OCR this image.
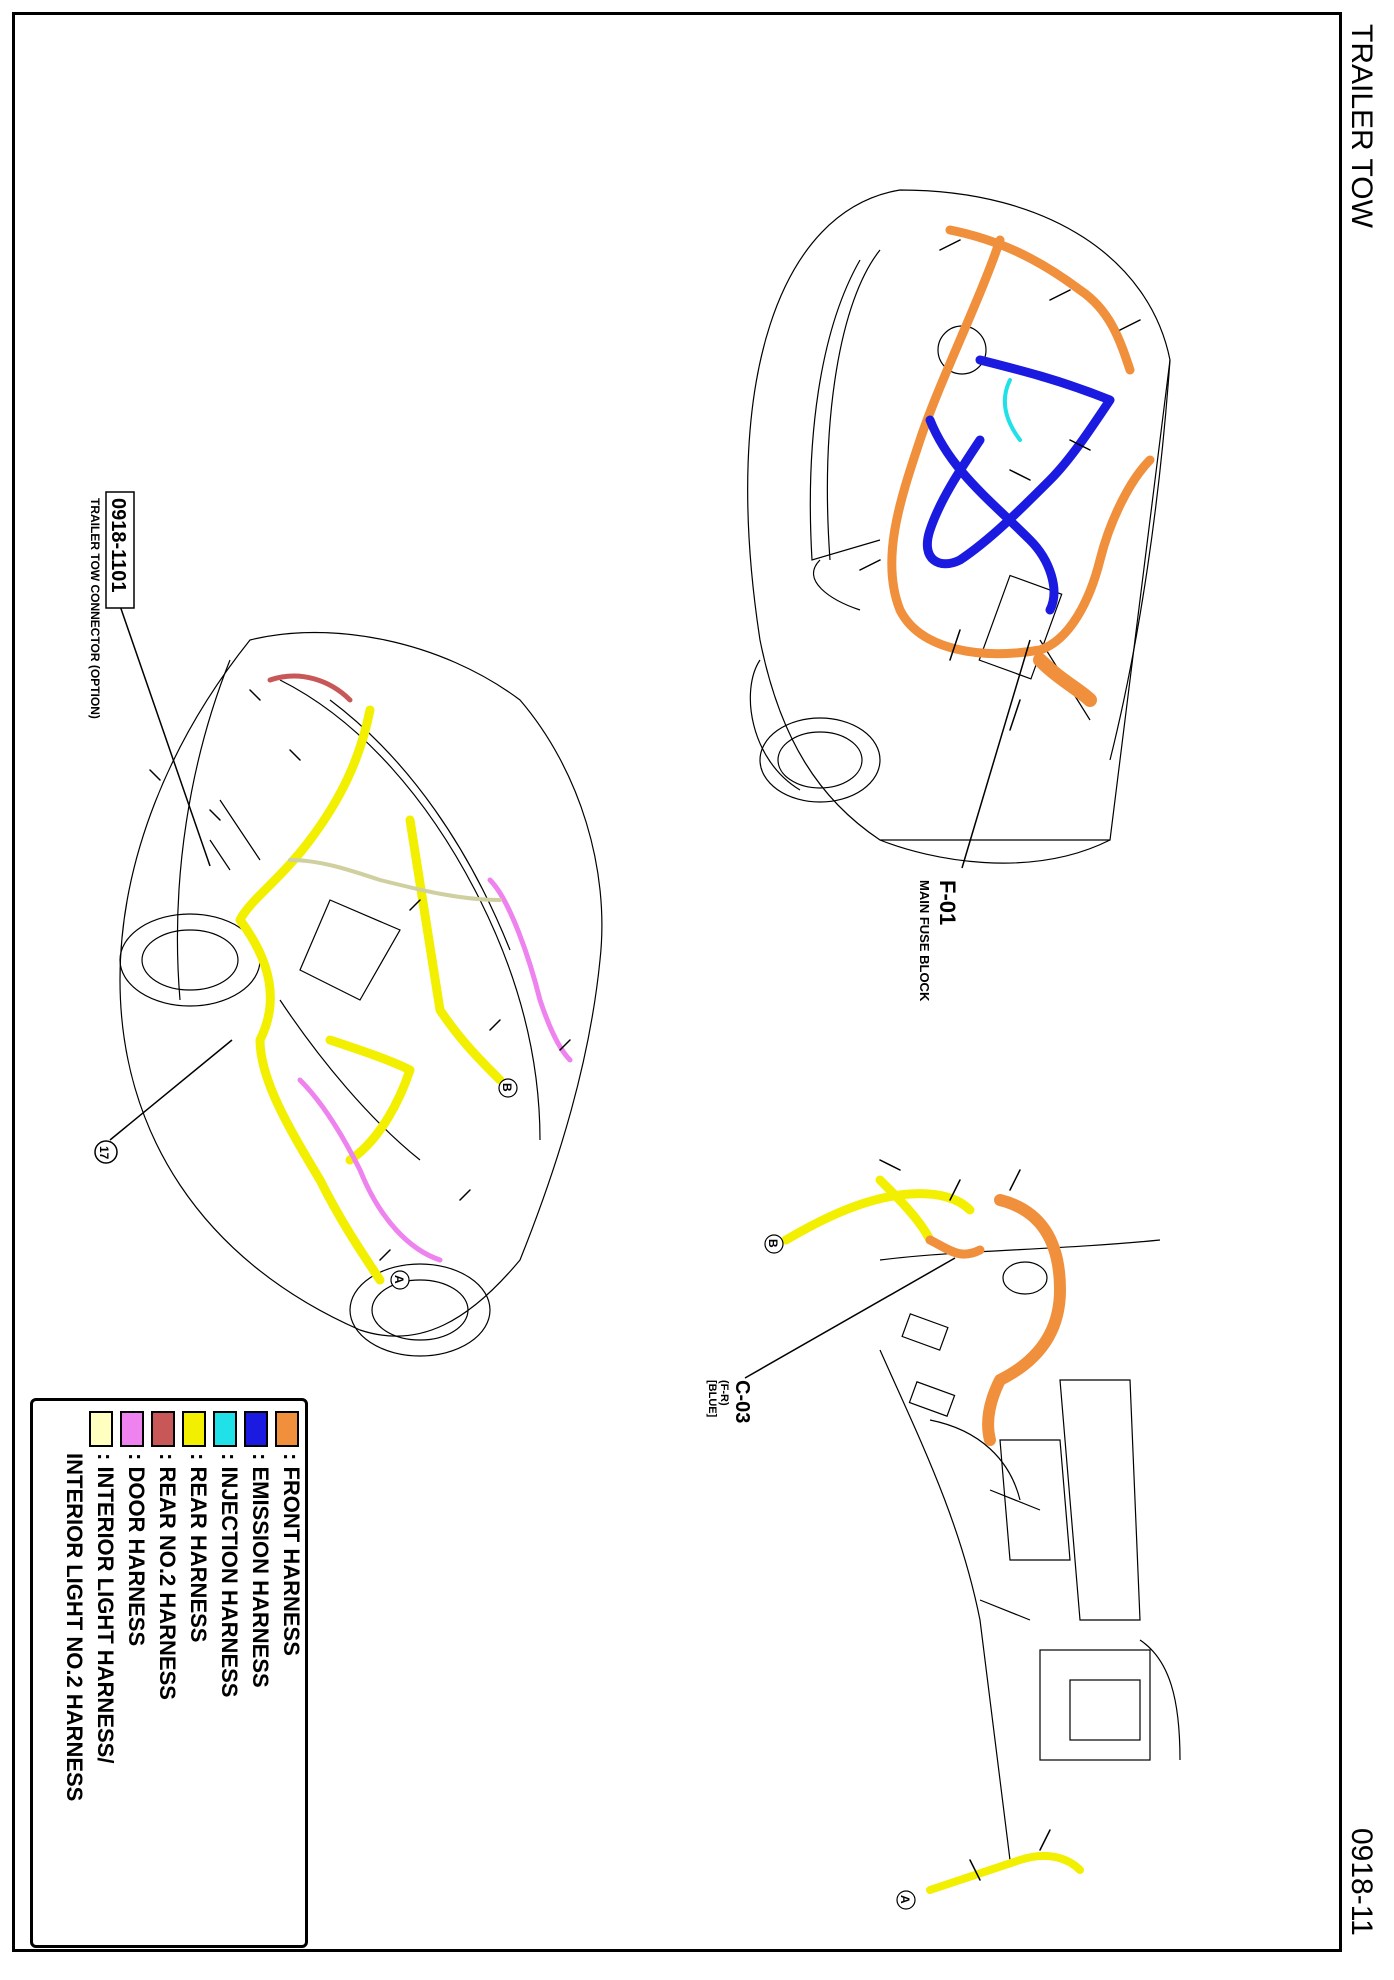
TRAILER TOW
0918-11
F-01
MAIN FUSE BLOCK
0918-1101
TRAILER TOW CONNECTOR (OPTION)
17
A
B
C-03
(F-R)
[BLUE]
B
A
: FRONT HARNESS
: EMISSION HARNESS
: INJECTION HARNESS
: REAR HARNESS
: REAR NO.2 HARNESS
: DOOR HARNESS
: INTERIOR LIGHT HARNESS/
INTERIOR LIGHT NO.2 HARNESS
